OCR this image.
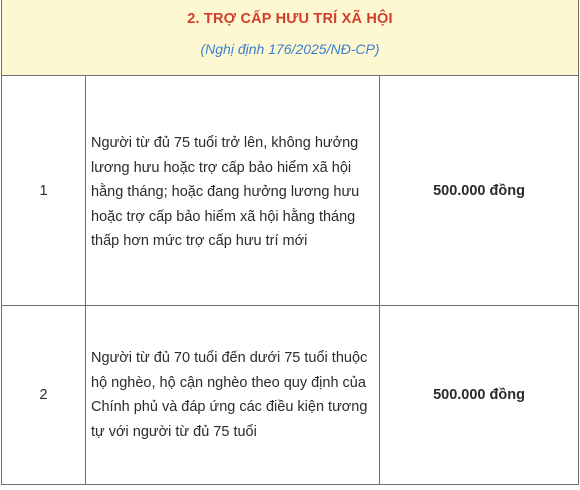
2. TRỢ CẤP HƯU TRÍ XÃ HỘI
(Nghị định 176/2025/NĐ-CP)		

1	Người từ đủ 75 tuổi trở lên, không hưởng lương hưu hoặc trợ cấp bảo hiểm xã hội hằng tháng; hoặc đang hưởng lương hưu hoặc trợ cấp bảo hiểm xã hội hằng tháng thấp hơn mức trợ cấp hưu trí mới	500.000 đồng
2	Người từ đủ 70 tuổi đến dưới 75 tuổi thuộc hộ nghèo, hộ cận nghèo theo quy định của Chính phủ và đáp ứng các điều kiện tương tự với người từ đủ 75 tuổi	500.000 đồng
